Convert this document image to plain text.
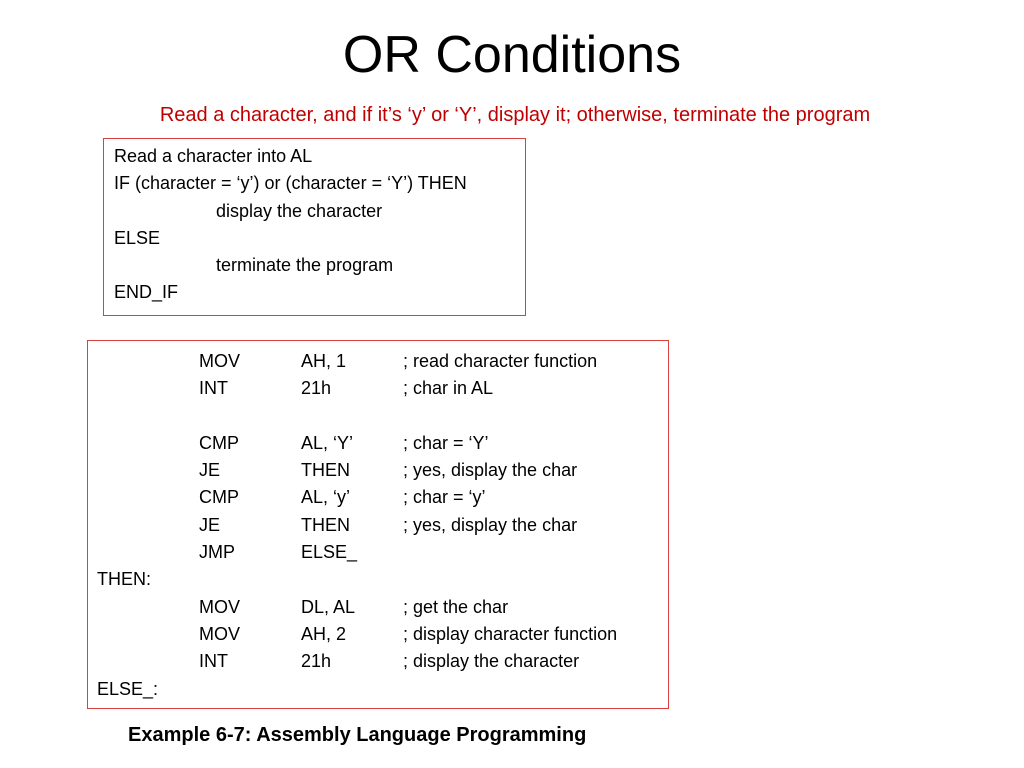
OR Conditions
Read a character, and if it’s ‘y’ or ‘Y’, display it; otherwise, terminate the program
Read a character into AL
IF (character = ‘y’) or (character = ‘Y’) THEN
display the character
ELSE
terminate the program
END_IF
MOV	AH, 1	; read character function
INT	21h	; char in AL
CMP	AL, ‘Y’	; char = ‘Y’
JE	THEN	; yes, display the char
CMP	AL, ‘y’	; char = ‘y’
JE	THEN	; yes, display the char
JMP	ELSE_
THEN:
MOV	DL, AL	; get the char
MOV	AH, 2	; display character function
INT	21h	; display the character
ELSE_:
Example 6-7: Assembly Language Programming
